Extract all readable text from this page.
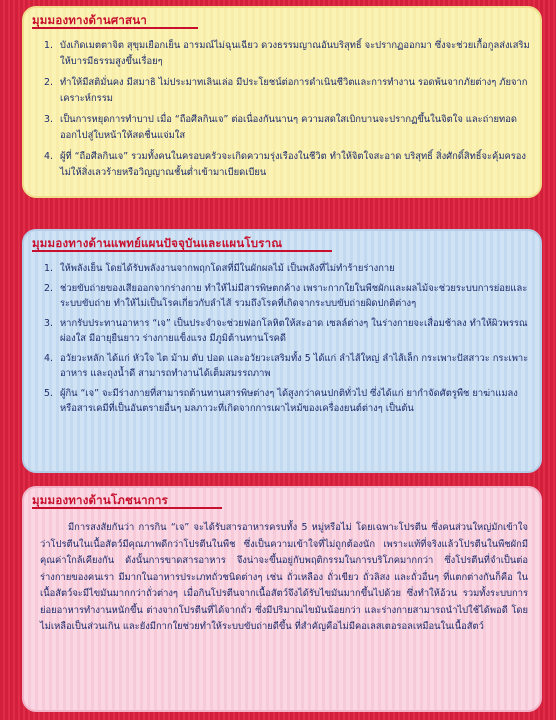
มุมมองทางด้านศาสนา
1. บังเกิดเมตตาจิต สุขุมเยือกเย็น อารมณ์ไม่ฉุนเฉียว ดวงธรรมญาณอันบริสุทธิ์ จะปรากฏออกมา ซึ่งจะช่วยเกื้อกูลส่งเสริมให้บารมีธรรมสูงขึ้นเรื่อยๆ
2. ทำให้มีสติมั่นคง มีสมาธิ ไม่ประมาทเลินเล่อ มีประโยชน์ต่อการดำเนินชีวิตและการทำงาน รอดพ้นจากภัยต่างๆ ภัยจากเคราะห์กรรม
3. เป็นการหยุดการทำบาป เมื่อ “ถือศีลกินเจ” ต่อเนื่องกันนานๆ ความสดใสเบิกบานจะปรากฏขึ้นในจิตใจ และถ่ายทอดออกไปสู่ใบหน้าให้สดชื่นแจ่มใส
4. ผู้ที่ “ถือศีลกินเจ” รวมทั้งคนในครอบครัวจะเกิดความรุ่งเรืองในชีวิต ทำให้จิตใจสะอาด บริสุทธิ์ สิ่งศักดิ์สิทธิ์จะคุ้มครองไม่ให้สิ่งเลวร้ายหรือวิญญาณชั้นต่ำเข้ามาเบียดเบียน
มุมมองทางด้านแพทย์แผนปัจจุบันและแผนโบราณ
1. ให้พลังเย็น โดยได้รับพลังงานจากพฤกโดสที่มีในผักผลไม้ เป็นพลังที่ไม่ทำร้ายร่างกาย
2. ช่วยขับถ่ายของเสียออกจากร่างกาย ทำให้ไม่มีสารพิษตกค้าง เพราะกากใยในพืชผักและผลไม้จะช่วยระบบการย่อยและระบบขับถ่าย ทำให้ไม่เป็นโรคเกี่ยวกับลำไส้ รวมถึงโรคที่เกิดจากระบบขับถ่ายผิดปกติต่างๆ
3. หากรับประทานอาหาร “เจ” เป็นประจำจะช่วยฟอกโลหิตให้สะอาด เซลล์ต่างๆ ในร่างกายจะเสื่อมช้าลง ทำให้ผิวพรรณผ่องใส มีอายุยืนยาว ร่างกายแข็งแรง มีภูมิต้านทานโรคดี
4. อวัยวะหลัก ได้แก่ หัวใจ ไต ม้าม ตับ ปอด และอวัยวะเสริมทั้ง 5 ได้แก่ ลำไส้ใหญ่ ลำไส้เล็ก กระเพาะปัสสาวะ กระเพาะอาหาร และถุงน้ำดี สามารถทำงานได้เต็มสมรรถภาพ
5. ผู้กิน “เจ” จะมีร่างกายที่สามารถต้านทานสารพิษต่างๆ ได้สูงกว่าคนปกติทั่วไป ซึ่งได้แก่ ยากำจัดศัตรูพืช ยาฆ่าแมลง หรือสารเคมีที่เป็นอันตรายอื่นๆ มลภาวะที่เกิดจากการเผาไหม้ของเครื่องยนต์ต่างๆ เป็นต้น
มุมมองทางด้านโภชนาการ
มีการสงสัยกันว่า การกิน “เจ” จะได้รับสารอาหารครบทั้ง 5 หมู่หรือไม่ โดยเฉพาะโปรตีน ซึ่งคนส่วนใหญ่มักเข้าใจว่าโปรตีนในเนื้อสัตว์มีคุณภาพดีกว่าโปรตีนในพืช ซึ่งเป็นความเข้าใจที่ไม่ถูกต้องนัก เพราะแท้ที่จริงแล้วโปรตีนในพืชผักมีคุณค่าใกล้เคียงกัน ดังนั้นการขาดสารอาหาร จึงน่าจะขึ้นอยู่กับพฤติกรรมในการบริโภคมากกว่า ซึ่งโปรตีนที่จำเป็นต่อร่างกายของคนเรา มีมากในอาหารประเภทถั่วชนิดต่างๆ เช่น ถั่วเหลือง ถั่วเขียว ถั่วลิสง และถั่วอื่นๆ ที่แตกต่างกันก็คือ ในเนื้อสัตว์จะมีไขมันมากกว่าถั่วต่างๆ เมื่อกินโปรตีนจากเนื้อสัตว์จึงได้รับไขมันมากขึ้นไปด้วย ซึ่งทำให้อ้วน รวมทั้งระบบการย่อยอาหารทำงานหนักขึ้น ต่างจากโปรตีนที่ได้จากถั่ว ซึ่งมีปริมาณไขมันน้อยกว่า และร่างกายสามารถนำไปใช้ได้พอดี โดยไม่เหลือเป็นส่วนเกิน และยังมีกากใยช่วยทำให้ระบบขับถ่ายดีขึ้น ที่สำคัญคือไม่มีคอเลสเตอรอลเหมือนในเนื้อสัตว์
